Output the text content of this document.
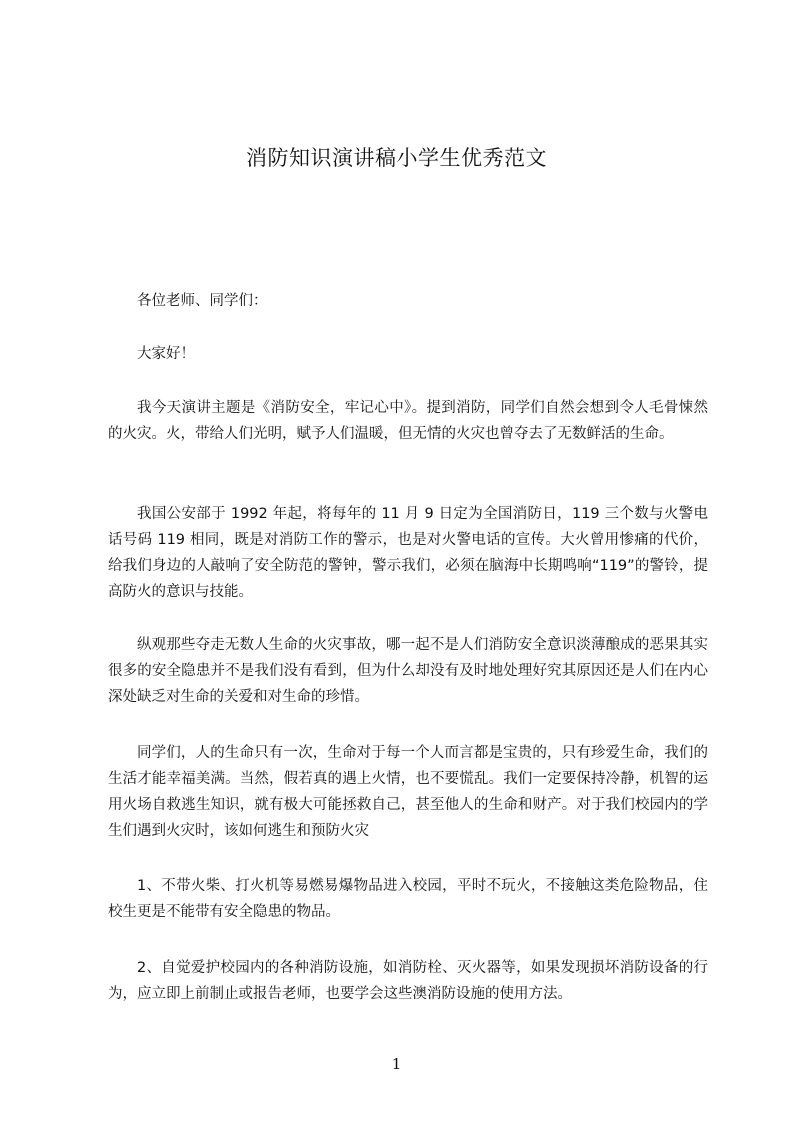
消防知识演讲稿小学生优秀范文

各位老师、同学们：

大家好！

我今天演讲主题是《消防安全，牢记心中》。提到消防，同学们自然会想到令人毛骨悚然的火灾。火，带给人们光明，赋予人们温暖，但无情的火灾也曾夺去了无数鲜活的生命。

我国公安部于 1992 年起，将每年的 11 月 9 日定为全国消防日，119 三个数与火警电话号码 119 相同，既是对消防工作的警示，也是对火警电话的宣传。大火曾用惨痛的代价，给我们身边的人敲响了安全防范的警钟，警示我们，必须在脑海中长期鸣响“119”的警铃，提高防火的意识与技能。

纵观那些夺走无数人生命的火灾事故，哪一起不是人们消防安全意识淡薄酿成的恶果其实很多的安全隐患并不是我们没有看到，但为什么却没有及时地处理好究其原因还是人们在内心深处缺乏对生命的关爱和对生命的珍惜。

同学们，人的生命只有一次，生命对于每一个人而言都是宝贵的，只有珍爱生命，我们的生活才能幸福美满。当然，假若真的遇上火情，也不要慌乱。我们一定要保持冷静，机智的运用火场自救逃生知识，就有极大可能拯救自己，甚至他人的生命和财产。对于我们校园内的学生们遇到火灾时，该如何逃生和预防火灾

1、不带火柴、打火机等易燃易爆物品进入校园，平时不玩火，不接触这类危险物品，住校生更是不能带有安全隐患的物品。

2、自觉爱护校园内的各种消防设施，如消防栓、灭火器等，如果发现损坏消防设备的行为，应立即上前制止或报告老师，也要学会这些澳消防设施的使用方法。

1
